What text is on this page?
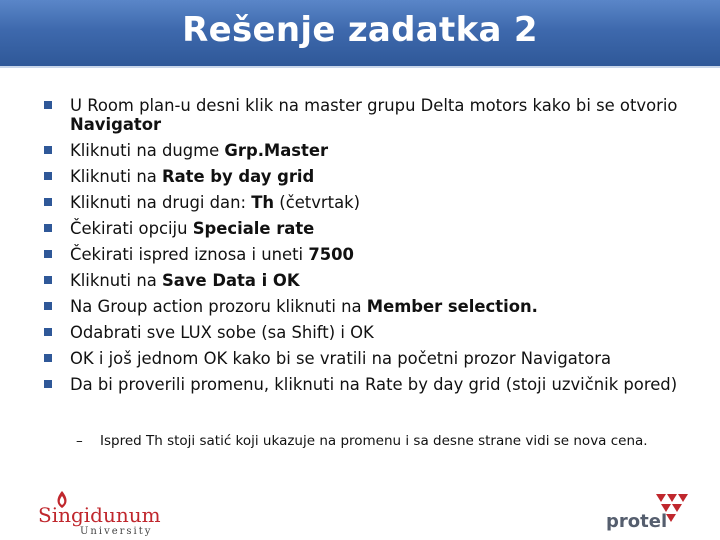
Rešenje zadatka 2
U Room plan-u desni klik na master grupu Delta motors kako bi se otvorio Navigator
Kliknuti na dugme Grp.Master
Kliknuti na Rate by day grid
Kliknuti na drugi dan: Th (četvrtak)
Čekirati opciju Speciale rate
Čekirati ispred iznosa i uneti 7500
Kliknuti na Save Data i OK
Na Group action prozoru kliknuti na Member selection.
Odabrati sve LUX sobe (sa Shift) i OK
OK i još jednom OK kako bi se vratili na početni prozor Navigatora
Da bi proverili promenu, kliknuti na Rate by day grid (stoji uzvičnik pored)
– Ispred Th stoji satić koji ukazuje na promenu i sa desne strane vidi se nova cena.
Singidunum
University	protel
